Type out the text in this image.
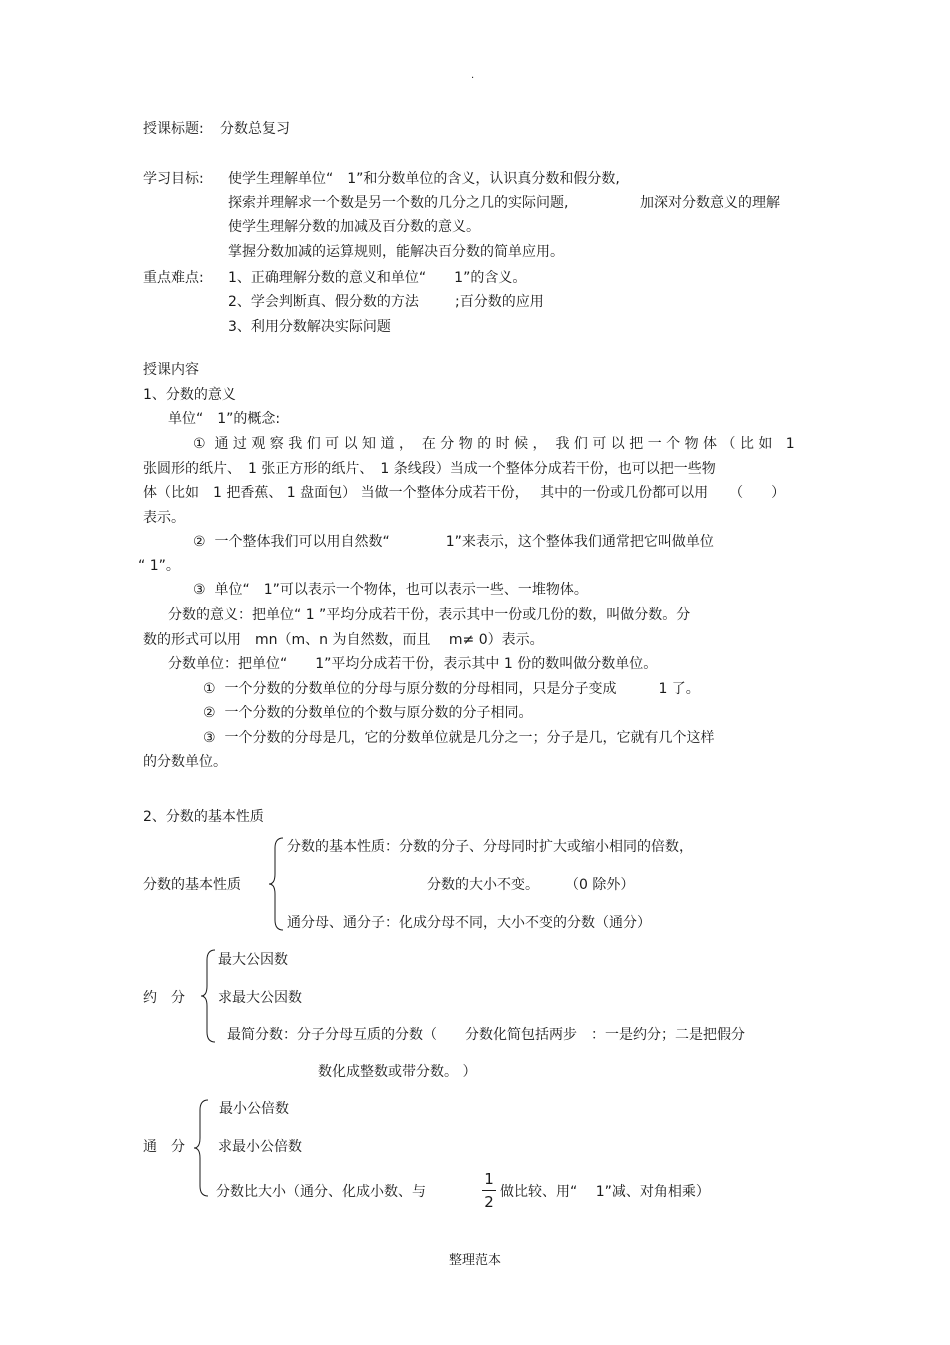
·
授课标题: 分数总复习
学习目标: 使学生理解单位“　1”和分数单位的含义，认识真分数和假分数,
探索并理解求一个数是另一个数的几分之几的实际问题,	加深对分数意义的理解
使学生理解分数的加减及百分数的意义。
掌握分数加减的运算规则，能解决百分数的简单应用。
重点难点: 1、正确理解分数的意义和单位“　　1”的含义。
2、学会判断真、假分数的方法	;百分数的应用
3、利用分数解决实际问题
授课内容
1、分数的意义
单位“　1”的概念:
①  通 过 观 察 我 们 可 以 知 道 ，  在 分 物 的 时 候 ，  我 们 可 以 把 一 个 物 体 （ 比 如   1
张圆形的纸片、　1 张正方形的纸片、　1 条线段）当成一个整体分成若干份，也可以把一些物
体（比如　1 把香蕉、 1 盘面包） 当做一个整体分成若干份，　 其中的一份或几份都可以用　　（　　）
表示。
②  一个整体我们可以用自然数“　　　　1”来表示，这个整体我们通常把它叫做单位
“ 1”。
③  单位“　1”可以表示一个物体，也可以表示一些、一堆物体。
分数的意义：把单位“ 1 ”平均分成若干份，表示其中一份或几份的数，叫做分数。分
数的形式可以用　mn（m、n 为自然数，而且　 m≠ 0）表示。
分数单位：把单位“　　1”平均分成若干份，表示其中 1 份的数叫做分数单位。
①  一个分数的分数单位的分母与原分数的分母相同，只是分子变成　　　1 了。
②  一个分数的分数单位的个数与原分数的分子相同。
③  一个分数的分母是几，它的分数单位就是几分之一；分子是几，它就有几个这样
的分数单位。
2、分数的基本性质
分数的基本性质
分数的基本性质：分数的分子、分母同时扩大或缩小相同的倍数，
分数的大小不变。 （0 除外）
通分母、通分子：化成分母不同，大小不变的分数（通分）
约　分
最大公因数
求最大公因数
最简分数：分子分母互质的分数（　　分数化简包括两步　：一是约分；二是把假分
数化成整数或带分数。 ）
通　分
最小公倍数
求最小公倍数
分数比大小（通分、化成小数、与
1
2
做比较、用“　 1”减、对角相乘）
整理范本
